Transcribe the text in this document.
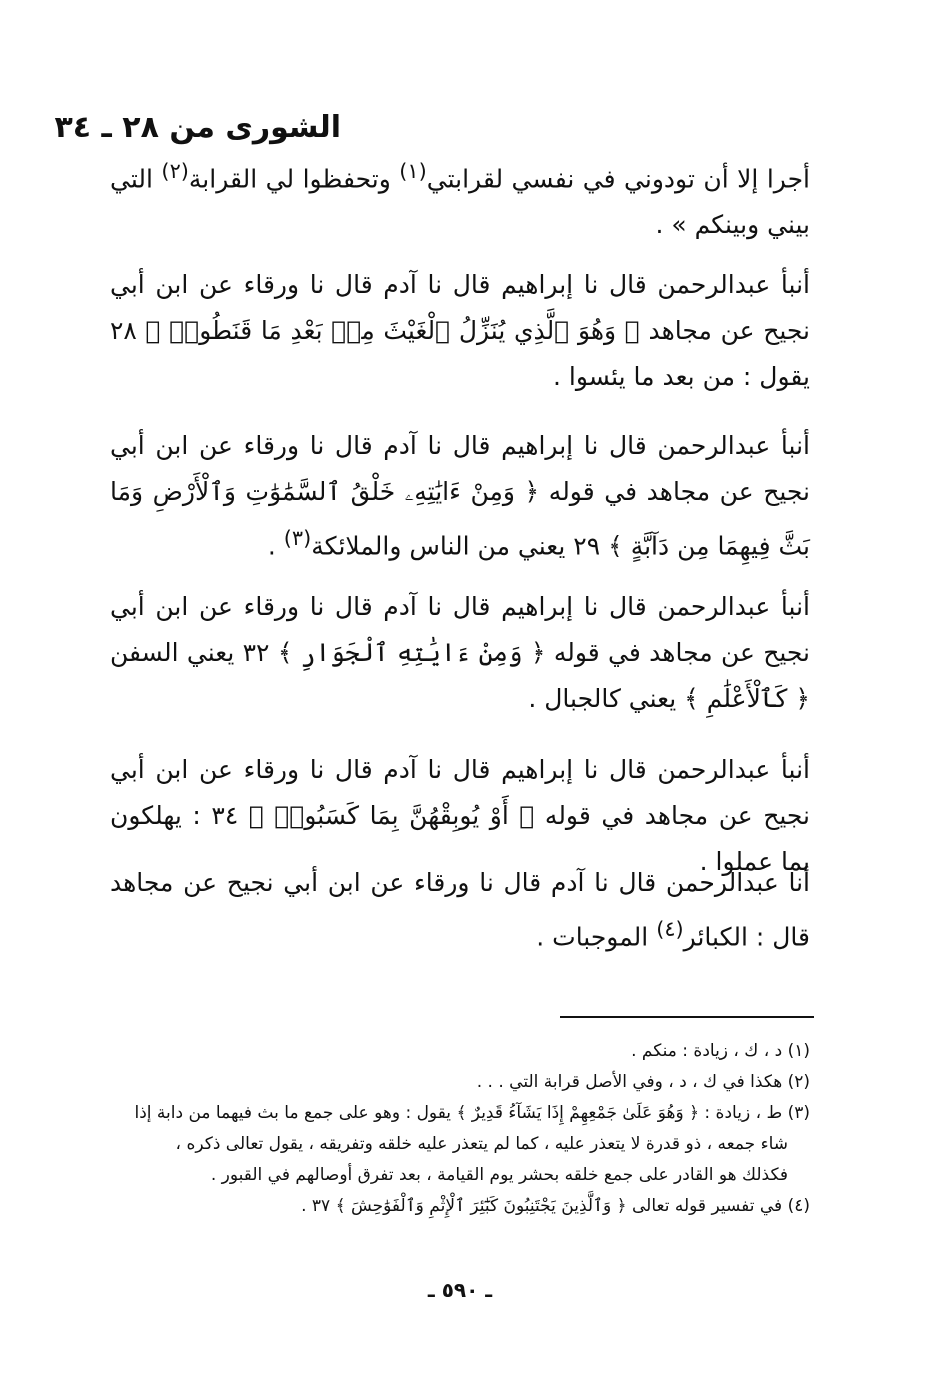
الشورى من ٢٨ ـ ٣٤

أجرا إلا أن تودوني في نفسي لقرابتي$^{(١)}$ وتحفظوا لي القرابة$^{(٢)}$ التي بيني وبينكم » .

أنبأ عبدالرحمن قال نا إبراهيم قال نا آدم قال نا ورقاء عن ابن أبي نجيح عن مجاهد ﴿ وَهُوَ ٱلَّذِي يُنَزِّلُ ٱلْغَيْثَ مِنۢ بَعْدِ مَا قَنَطُوا۟ ﴾ ٢٨ يقول : من بعد ما يئسوا .

أنبأ عبدالرحمن قال نا إبراهيم قال نا آدم قال نا ورقاء عن ابن أبي نجيح عن مجاهد في قوله ﴿ وَمِنْ ءَايَٰتِهِۦ خَلْقُ ٱلسَّمَٰوَٰتِ وَٱلْأَرْضِ وَمَا بَثَّ فِيهِمَا مِن دَآبَّةٍ ﴾ ٢٩ يعني من الناس والملائكة$^{(٣)}$ .

أنبأ عبدالرحمن قال نا إبراهيم قال نا آدم قال نا ورقاء عن ابن أبي نجيح عن مجاهد في قوله ﴿ وَمِنْ ءَايَٰتِهِ ٱلْجَوَارِ ﴾ ٣٢ يعني السفن ﴿ كَٱلْأَعْلَٰمِ ﴾ يعني كالجبال .

أنبأ عبدالرحمن قال نا إبراهيم قال نا آدم قال نا ورقاء عن ابن أبي نجيح عن مجاهد في قوله ﴿ أَوْ يُوبِقْهُنَّ بِمَا كَسَبُوا۟ ﴾ ٣٤ : يهلكون بما عملوا .

أنا عبدالرحمن قال نا آدم قال نا ورقاء عن ابن أبي نجيح عن مجاهد قال : الكبائر$^{(٤)}$ الموجبات .

(١) د ، ك ، زيادة : منكم .

(٢) هكذا في ك ، د ، وفي الأصل قرابة التي . . .

(٣) ط ، زيادة : ﴿ وَهُوَ عَلَىٰ جَمْعِهِمْ إِذَا يَشَآءُ قَدِيرٌ ﴾ يقول : وهو على جمع ما بث فيهما من دابة إذا

شاء جمعه ، ذو قدرة لا يتعذر عليه ، كما لم يتعذر عليه خلقه وتفريقه ، يقول تعالى ذكره ،

فكذلك هو القادر على جمع خلقه بحشر يوم القيامة ، بعد تفرق أوصالهم في القبور .

(٤) في تفسير قوله تعالى ﴿ وَٱلَّذِينَ يَجْتَنِبُونَ كَبَٰٓئِرَ ٱلْإِثْمِ وَٱلْفَوَٰحِشَ ﴾ ٣٧ .

ـ ٥٩٠ ـ
